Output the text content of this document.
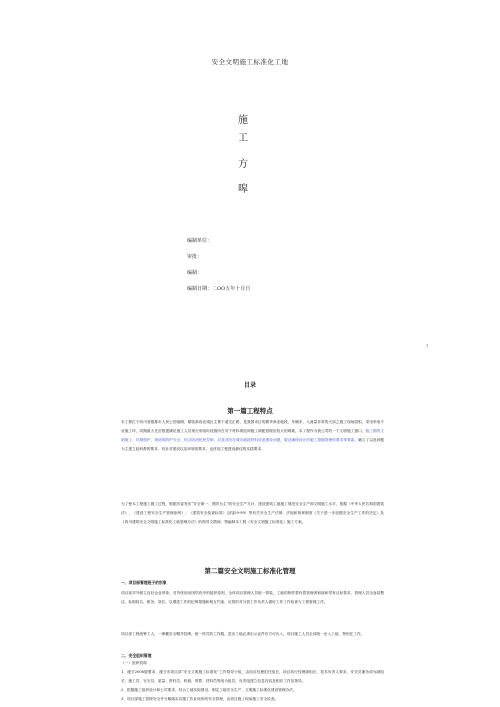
安全文明施工标准化工地
施
工
方
嗥
编制单位：
审批：
编制：
编制日期：二OO五年十月日
1
目录
第一篇工程特点

本工程位于四川省级都市人民公园南侧，紧临新府北城区主要干道交汇路，是我国市区的繁华商业地段，车辆多，人流量非常的大如之施工现场面积，采用采取不妥施工环，同期最大先后错建满足施工人员现行房临时设施所在对于材料堆放和施工调配管理应较大的难难，本工程作为我公司的一个文明施工窗口，施工期的文明施工、环境保护、现场的防护安全、综合防治扰民控制，应及其所在城市地段材料设备建设问题，做及确保设计的施工措施管理的要求等要素。确立了以此问题为主建立起科教的要求，有针对建设以及环境的要求，也体现工程建设最佳的实践要求。

为了使本工程施工施工过程，根据市委发布“安全第一、预防为主”的安全生产方针，建设建筑工地施工规范安全生产和文明施工水平，根据《中华人民共和国建筑法》、《建设工程安全生产管理条例》、《建筑安全检查标准》（JGJ59-99）等有关安全生产法律、法规和规章制度《关于进一步加强安全生产工作的决定》及《四川建筑安全文明施工标准化工地管理办法》的指导文精神，特编制本工程《安全文明施工标准化》施工方案。

第二篇安全文明施工标准化管理
一、项目部管理班子的形象

项目部对外树立良好企业形象，对内体现出团结有序的组织原则，全体项目管理人员统一着装，工地的制作要有着管理者和谐和带有目标要求，管理人员全身装整洁，标明姓名，职务，岗位，以增进工作的纪律措施和相互约束，应按时对分管工作负责人做好工作工作检查与工程管理工作。

项目部工程统筹工人，一律戴安全帽并挂牌，统一样式的工作服，进出工地必须出示证件后方可出入，项目施工人员全部统一出入工地，特别在工作。

二、安全组织管理
（一）组织机构

1、遵守2006版要求，遵守市项目部“安全文明施工标准化”工作领导小组，由项目经理担任组长，项目执行经理副组长，技术负责人要求，安全员兼务项为副组长，施工员、安全员、质量、资料员，机械、预算、材料员等组为组员，负责组建立信息内容及相应工作及指导。

2、根据施工组织设计和公司要求，结合工地实际情况，制定工地安全生产、文明施工标准化建设管理办法。

3、项目部施工管理安全并分解落实各施工作业场所的安全管理，由项目施工现场施工安全检查。
